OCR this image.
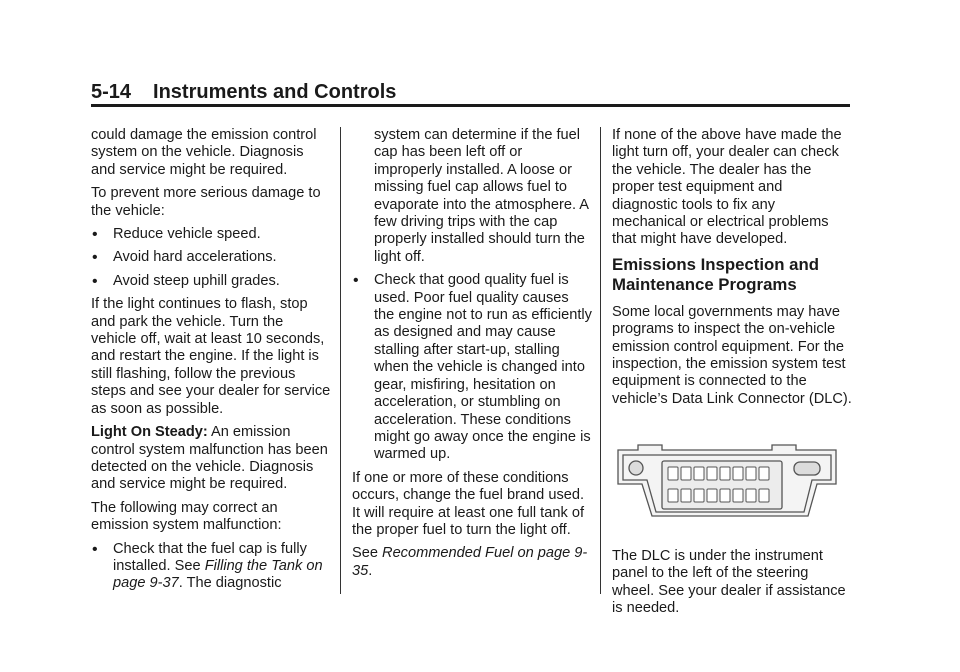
5-14 Instruments and Controls

could damage the emission control system on the vehicle. Diagnosis and service might be required.

To prevent more serious damage to the vehicle:

• Reduce vehicle speed.
• Avoid hard accelerations.
• Avoid steep uphill grades.

If the light continues to flash, stop and park the vehicle. Turn the vehicle off, wait at least 10 seconds, and restart the engine. If the light is still flashing, follow the previous steps and see your dealer for service as soon as possible.

Light On Steady: An emission control system malfunction has been detected on the vehicle. Diagnosis and service might be required.

The following may correct an emission system malfunction:

• Check that the fuel cap is fully installed. See Filling the Tank on page 9-37. The diagnostic
system can determine if the fuel cap has been left off or improperly installed. A loose or missing fuel cap allows fuel to evaporate into the atmosphere. A few driving trips with the cap properly installed should turn the light off.
• Check that good quality fuel is used. Poor fuel quality causes the engine not to run as efficiently as designed and may cause stalling after start-up, stalling when the vehicle is changed into gear, misfiring, hesitation on acceleration, or stumbling on acceleration. These conditions might go away once the engine is warmed up.

If one or more of these conditions occurs, change the fuel brand used. It will require at least one full tank of the proper fuel to turn the light off.

See Recommended Fuel on page 9-35.

If none of the above have made the light turn off, your dealer can check the vehicle. The dealer has the proper test equipment and diagnostic tools to fix any mechanical or electrical problems that might have developed.

Emissions Inspection and Maintenance Programs

Some local governments may have programs to inspect the on-vehicle emission control equipment. For the inspection, the emission system test equipment is connected to the vehicle’s Data Link Connector (DLC).

The DLC is under the instrument panel to the left of the steering wheel. See your dealer if assistance is needed.
